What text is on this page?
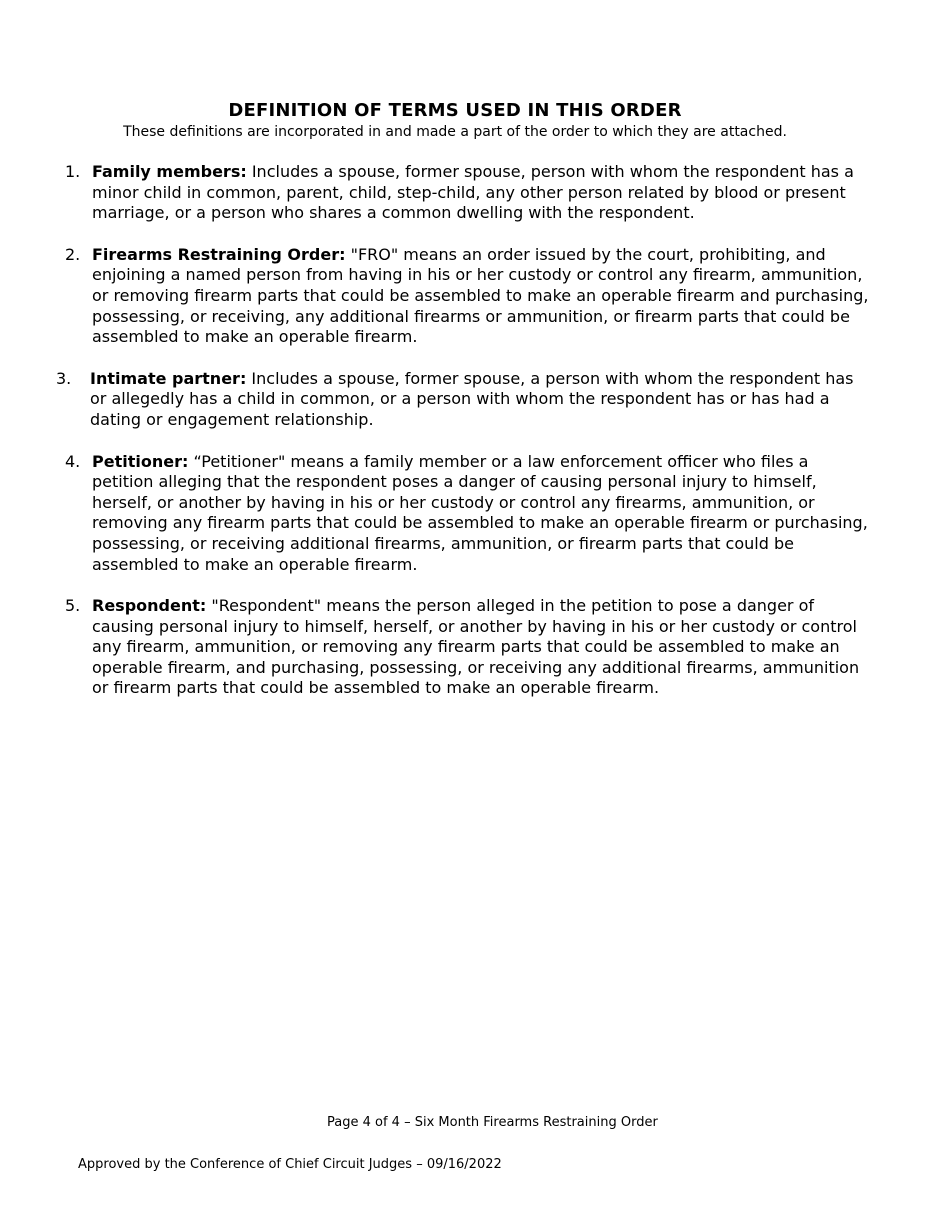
DEFINITION OF TERMS USED IN THIS ORDER
These definitions are incorporated in and made a part of the order to which they are attached.
1. Family members: Includes a spouse, former spouse, person with whom the respondent has a minor child in common, parent, child, step-child, any other person related by blood or present marriage, or a person who shares a common dwelling with the respondent.
2. Firearms Restraining Order: "FRO" means an order issued by the court, prohibiting, and enjoining a named person from having in his or her custody or control any firearm, ammunition, or removing firearm parts that could be assembled to make an operable firearm and purchasing, possessing, or receiving, any additional firearms or ammunition, or firearm parts that could be assembled to make an operable firearm.
3. Intimate partner: Includes a spouse, former spouse, a person with whom the respondent has or allegedly has a child in common, or a person with whom the respondent has or has had a dating or engagement relationship.
4. Petitioner: “Petitioner" means a family member or a law enforcement officer who files a petition alleging that the respondent poses a danger of causing personal injury to himself, herself, or another by having in his or her custody or control any firearms, ammunition, or removing any firearm parts that could be assembled to make an operable firearm or purchasing, possessing, or receiving additional firearms, ammunition, or firearm parts that could be assembled to make an operable firearm.
5. Respondent: "Respondent" means the person alleged in the petition to pose a danger of causing personal injury to himself, herself, or another by having in his or her custody or control any firearm, ammunition, or removing any firearm parts that could be assembled to make an operable firearm, and purchasing, possessing, or receiving any additional firearms, ammunition or firearm parts that could be assembled to make an operable firearm.
Page 4 of 4 – Six Month Firearms Restraining Order
Approved by the Conference of Chief Circuit Judges – 09/16/2022
